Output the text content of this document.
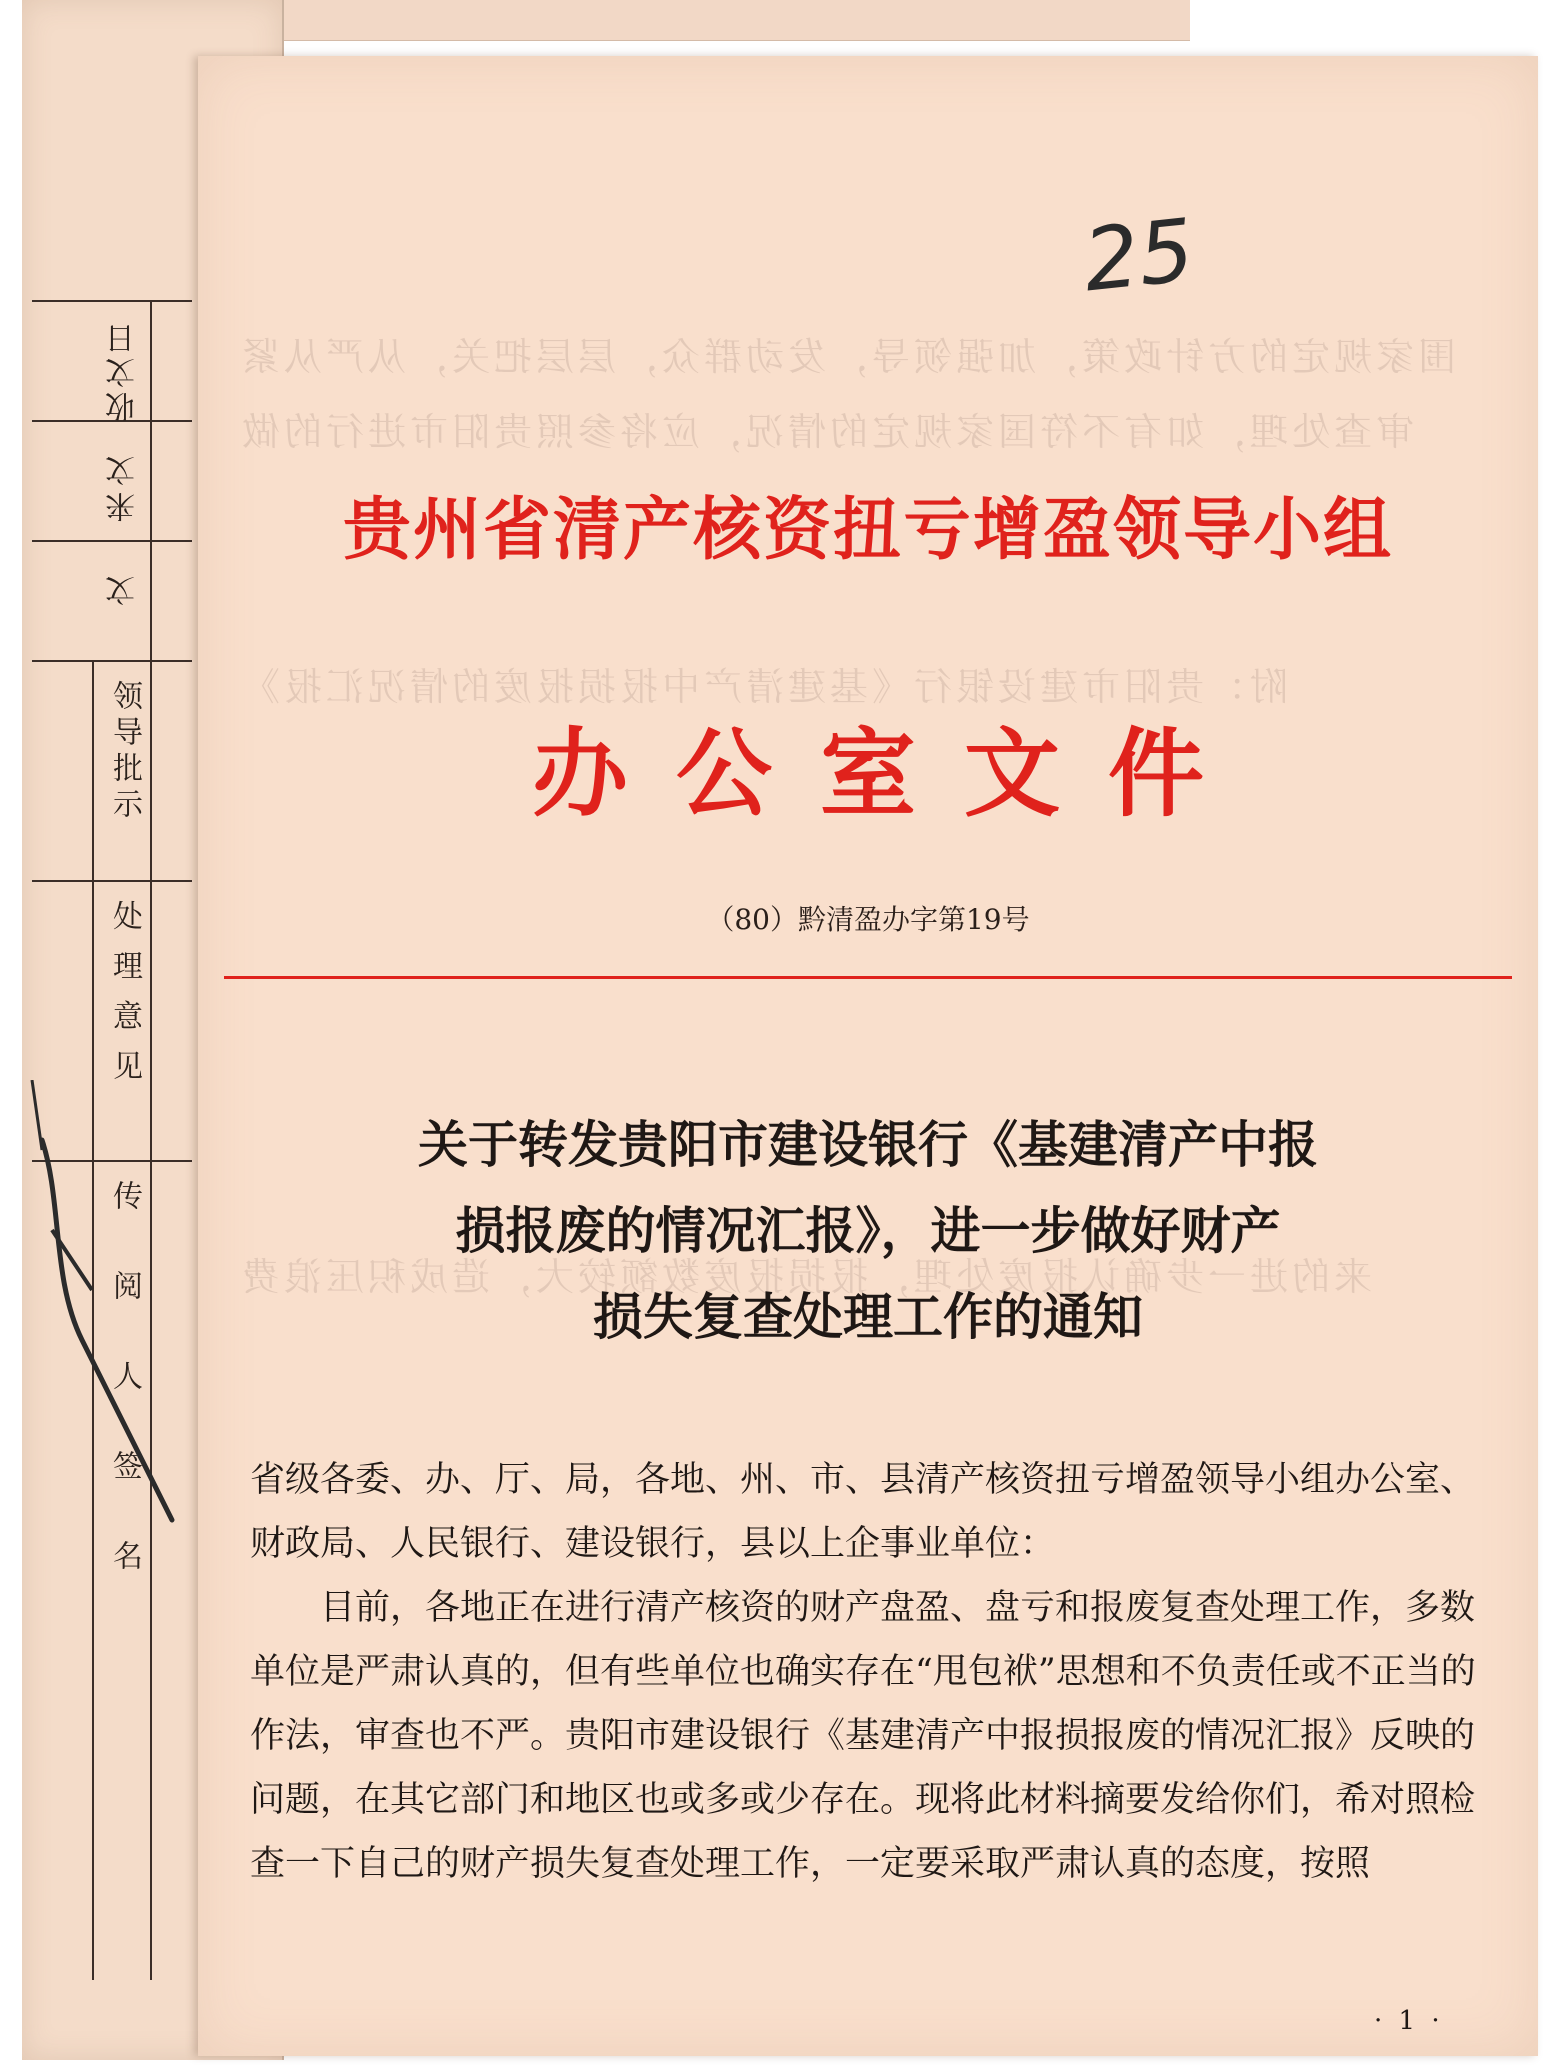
收文日
来文
文
领导批示
处理意见
传阅人签名
围家规定的方针政策，加强领导，发动群众，层层把关，从严从紧
审查处理，如有不符国家规定的情况，应将参照贵阳市进行的做
附：贵阳市建设银行《基建清产中报损报废的情况汇报》
来的进一步确认报废处理，报损报废数额较大，造成积压浪费
25
贵州省清产核资扭亏增盈领导小组
办公室文件
（80）黔清盈办字第19号
关于转发贵阳市建设银行《基建清产中报
损报废的情况汇报》，进一步做好财产
损失复查处理工作的通知

省级各委、办、厅、局，各地、州、市、县清产核资扭亏增盈领导小组办公室、财政局、人民银行、建设银行，县以上企事业单位：

目前，各地正在进行清产核资的财产盘盈、盘亏和报废复查处理工作，多数单位是严肃认真的，但有些单位也确实存在“甩包袱”思想和不负责任或不正当的作法，审查也不严。贵阳市建设银行《基建清产中报损报废的情况汇报》反映的问题，在其它部门和地区也或多或少存在。现将此材料摘要发给你们，希对照检查一下自己的财产损失复查处理工作，一定要采取严肃认真的态度，按照

· 1 ·
